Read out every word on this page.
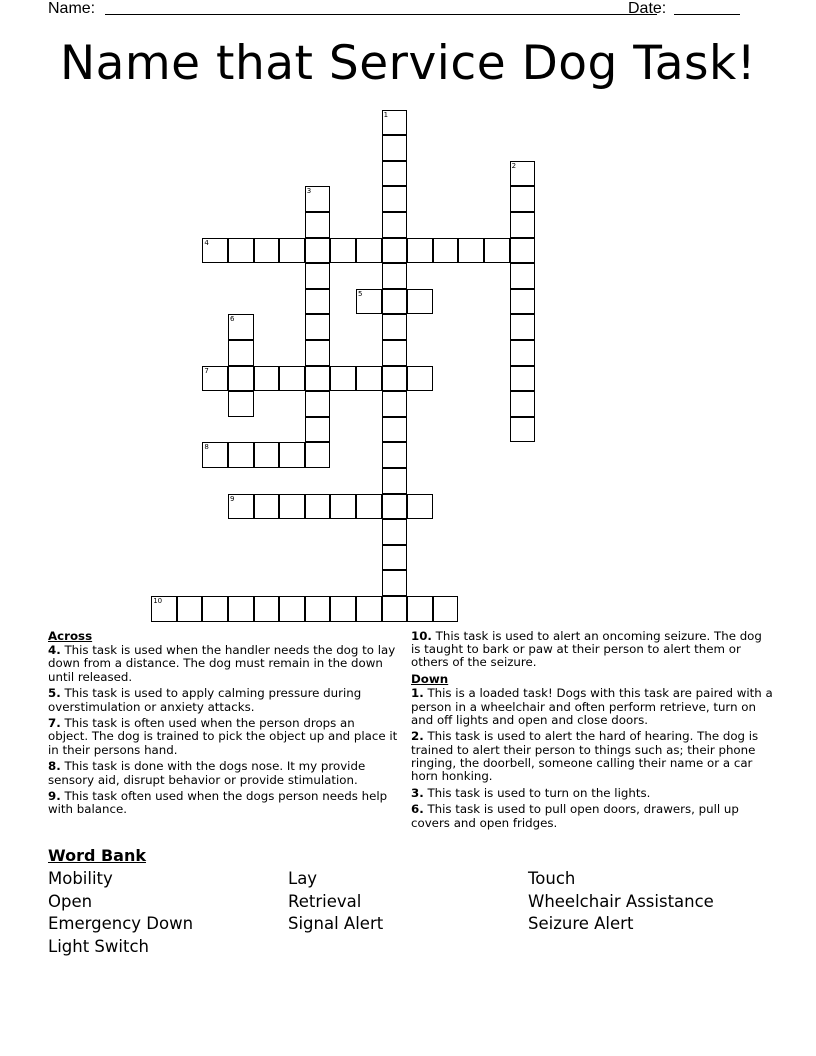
Name:	Date:
Name that Service Dog Task!
1
2
3
4
5
6
7
8
9
10
Across
4. This task is used when the handler needs the dog to lay down from a distance. The dog must remain in the down until released.
5. This task is used to apply calming pressure during overstimulation or anxiety attacks.
7. This task is often used when the person drops an object. The dog is trained to pick the object up and place it in their persons hand.
8. This task is done with the dogs nose. It my provide sensory aid, disrupt behavior or provide stimulation.
9. This task often used when the dogs person needs help with balance.
10. This task is used to alert an oncoming seizure. The dog is taught to bark or paw at their person to alert them or others of the seizure.
Down
1. This is a loaded task! Dogs with this task are paired with a person in a wheelchair and often perform retrieve, turn on and off lights and open and close doors.
2. This task is used to alert the hard of hearing. The dog is trained to alert their person to things such as; their phone ringing, the doorbell, someone calling their name or a car horn honking.
3. This task is used to turn on the lights.
6. This task is used to pull open doors, drawers, pull up covers and open fridges.
Word Bank
Mobility
Open
Emergency Down
Light Switch
Lay
Retrieval
Signal Alert
Touch
Wheelchair Assistance
Seizure Alert
